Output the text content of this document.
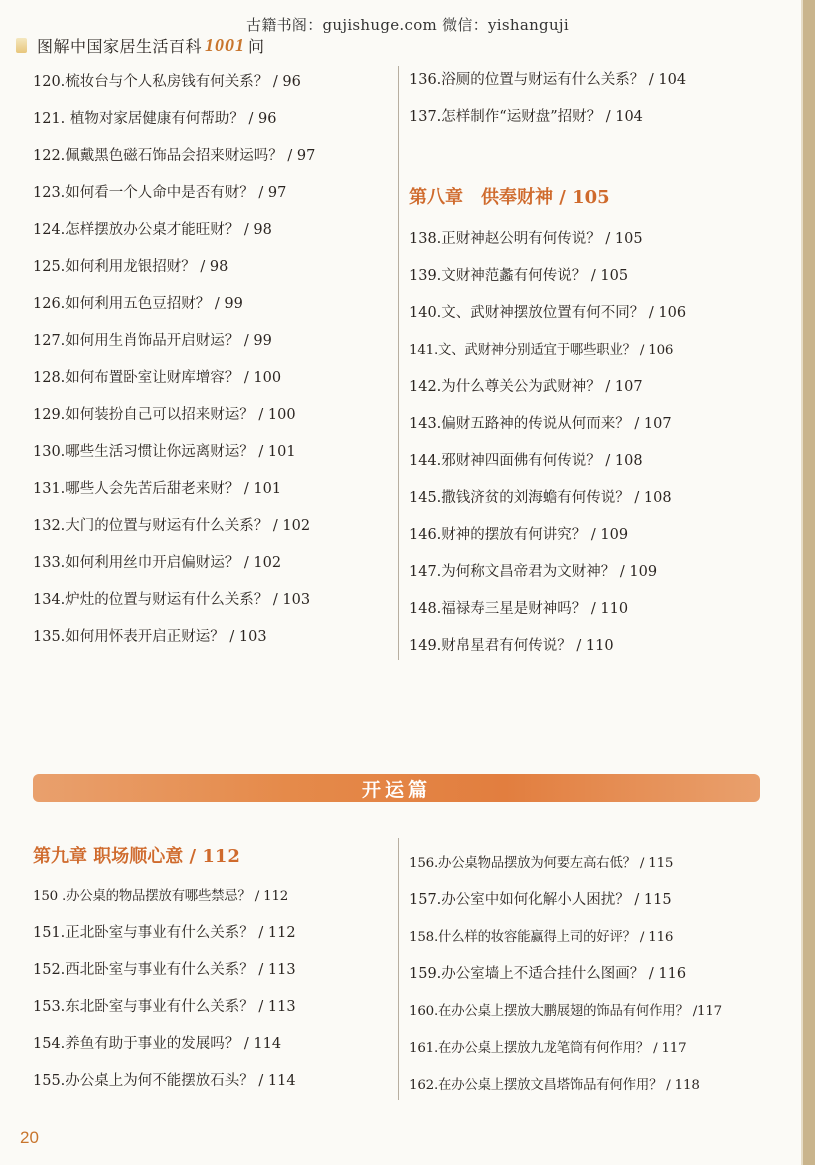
古籍书阁：gujishuge.com 微信：yishanguji
图解中国家居生活百科 1001 问
120.梳妆台与个人私房钱有何关系？ / 96
121. 植物对家居健康有何帮助？ / 96
122.佩戴黑色磁石饰品会招来财运吗？ / 97
123.如何看一个人命中是否有财？ / 97
124.怎样摆放办公桌才能旺财？ / 98
125.如何利用龙银招财？ / 98
126.如何利用五色豆招财？ / 99
127.如何用生肖饰品开启财运？ / 99
128.如何布置卧室让财库增容？ / 100
129.如何装扮自己可以招来财运？ / 100
130.哪些生活习惯让你远离财运？ / 101
131.哪些人会先苦后甜老来财？ / 101
132.大门的位置与财运有什么关系？ / 102
133.如何利用丝巾开启偏财运？ / 102
134.炉灶的位置与财运有什么关系？ / 103
135.如何用怀表开启正财运？ / 103
136.浴厕的位置与财运有什么关系？ / 104
137.怎样制作“运财盘”招财？ / 104
第八章　供奉财神 / 105
138.正财神赵公明有何传说？ / 105
139.文财神范蠡有何传说？ / 105
140.文、武财神摆放位置有何不同？ / 106
141.文、武财神分别适宜于哪些职业？ / 106
142.为什么尊关公为武财神？ / 107
143.偏财五路神的传说从何而来？ / 107
144.邪财神四面佛有何传说？ / 108
145.撒钱济贫的刘海蟾有何传说？ / 108
146.财神的摆放有何讲究？ / 109
147.为何称文昌帝君为文财神？ / 109
148.福禄寿三星是财神吗？ / 110
149.财帛星君有何传说？ / 110
开运篇
第九章 职场顺心意 / 112
150 .办公桌的物品摆放有哪些禁忌？ / 112
151.正北卧室与事业有什么关系？ / 112
152.西北卧室与事业有什么关系？ / 113
153.东北卧室与事业有什么关系？ / 113
154.养鱼有助于事业的发展吗？ / 114
155.办公桌上为何不能摆放石头？ / 114
156.办公桌物品摆放为何要左高右低？ / 115
157.办公室中如何化解小人困扰？ / 115
158.什么样的妆容能赢得上司的好评？ / 116
159.办公室墙上不适合挂什么图画？ / 116
160.在办公桌上摆放大鹏展翅的饰品有何作用？ /117
161.在办公桌上摆放九龙笔筒有何作用？ / 117
162.在办公桌上摆放文昌塔饰品有何作用？ / 118
20
